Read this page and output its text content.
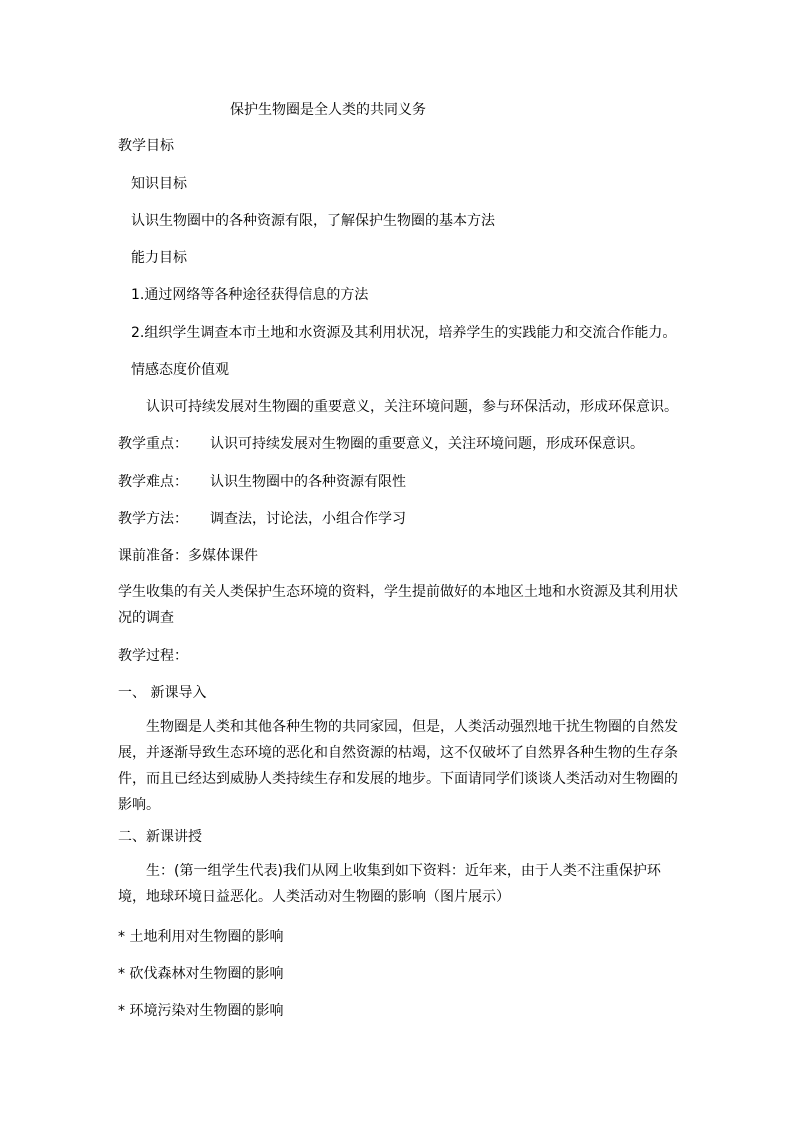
保护生物圈是全人类的共同义务
教学目标
知识目标
认识生物圈中的各种资源有限，了解保护生物圈的基本方法
能力目标
1.通过网络等各种途径获得信息的方法
2.组织学生调查本市土地和水资源及其利用状况，培养学生的实践能力和交流合作能力。
情感态度价值观
认识可持续发展对生物圈的重要意义，关注环境问题，参与环保活动，形成环保意识。
教学重点： 认识可持续发展对生物圈的重要意义，关注环境问题，形成环保意识。
教学难点： 认识生物圈中的各种资源有限性
教学方法： 调查法，讨论法，小组合作学习
课前准备：多媒体课件
学生收集的有关人类保护生态环境的资料，学生提前做好的本地区土地和水资源及其利用状况的调查
教学过程：
一、 新课导入
生物圈是人类和其他各种生物的共同家园，但是，人类活动强烈地干扰生物圈的自然发展，并逐渐导致生态环境的恶化和自然资源的枯竭，这不仅破坏了自然界各种生物的生存条件，而且已经达到威胁人类持续生存和发展的地步。下面请同学们谈谈人类活动对生物圈的影响。
二、新课讲授
生：(第一组学生代表)我们从网上收集到如下资料：近年来，由于人类不注重保护环境，地球环境日益恶化。人类活动对生物圈的影响（图片展示）
* 土地利用对生物圈的影响
* 砍伐森林对生物圈的影响
* 环境污染对生物圈的影响
